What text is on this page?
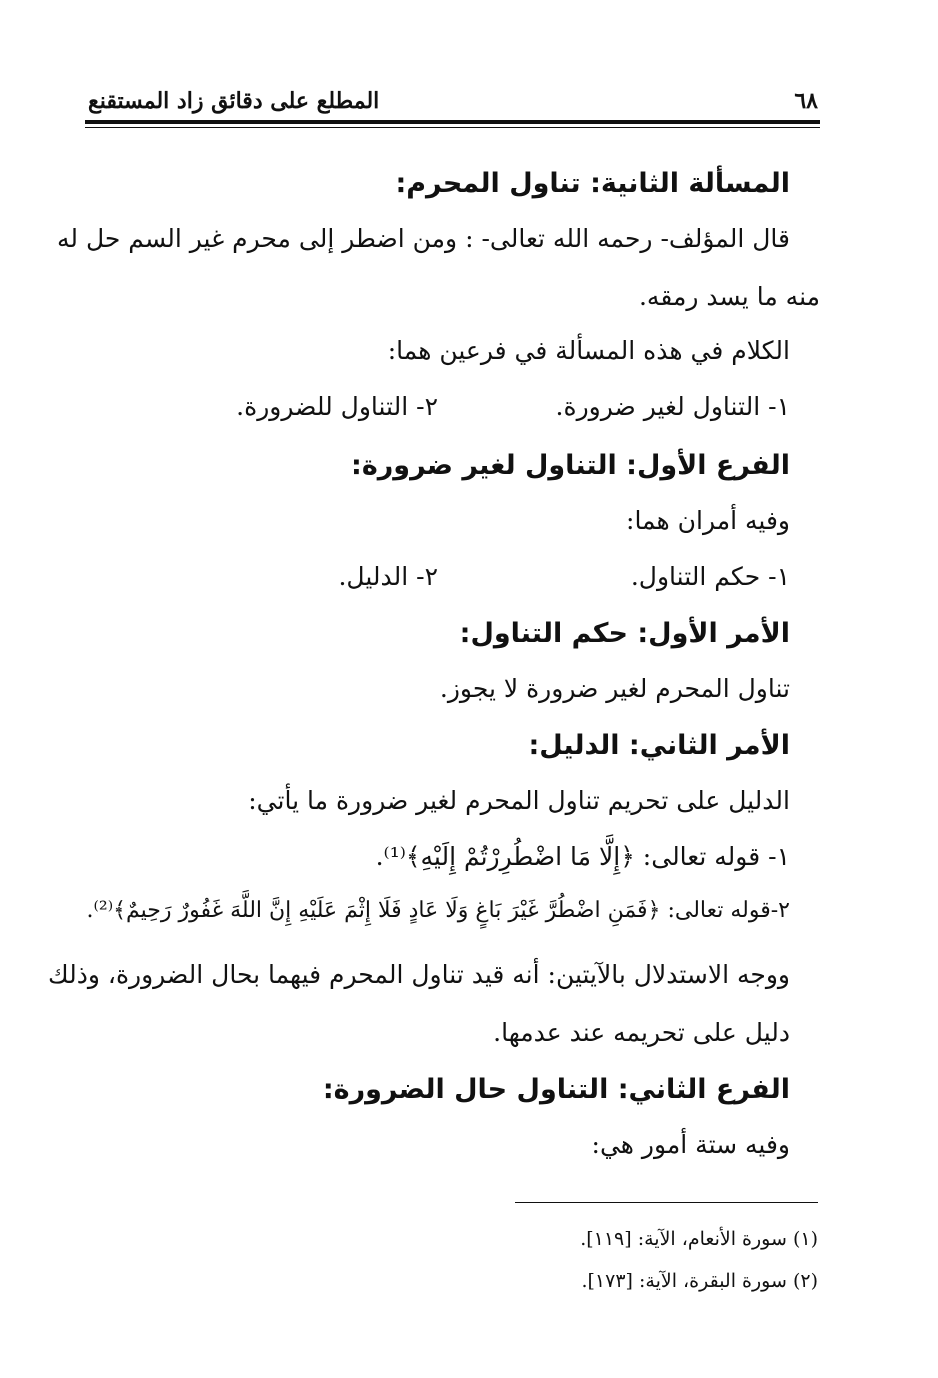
٦٨
المطلع على دقائق زاد المستقنع
المسألة الثانية: تناول المحرم:
قال المؤلف- رحمه الله تعالى- : ومن اضطر إلى محرم غير السم حل له
منه ما يسد رمقه.
الكلام في هذه المسألة في فرعين هما:
١- التناول لغير ضرورة.
٢- التناول للضرورة.
الفرع الأول: التناول لغير ضرورة:
وفيه أمران هما:
١- حكم التناول.
٢- الدليل.
الأمر الأول: حكم التناول:
تناول المحرم لغير ضرورة لا يجوز.
الأمر الثاني: الدليل:
الدليل على تحريم تناول المحرم لغير ضرورة ما يأتي:
١- قوله تعالى: ﴿إِلَّا مَا اضْطُرِرْتُمْ إِلَيْهِ﴾⁽¹⁾.
٢-قوله تعالى: ﴿فَمَنِ اضْطُرَّ غَيْرَ بَاغٍ وَلَا عَادٍ فَلَا إِثْمَ عَلَيْهِ إِنَّ اللَّهَ غَفُورٌ رَحِيمٌ﴾⁽²⁾.
ووجه الاستدلال بالآيتين: أنه قيد تناول المحرم فيهما بحال الضرورة، وذلك
دليل على تحريمه عند عدمها.
الفرع الثاني: التناول حال الضرورة:
وفيه ستة أمور هي:
(١) سورة الأنعام، الآية: [١١٩].
(٢) سورة البقرة، الآية: [١٧٣].
